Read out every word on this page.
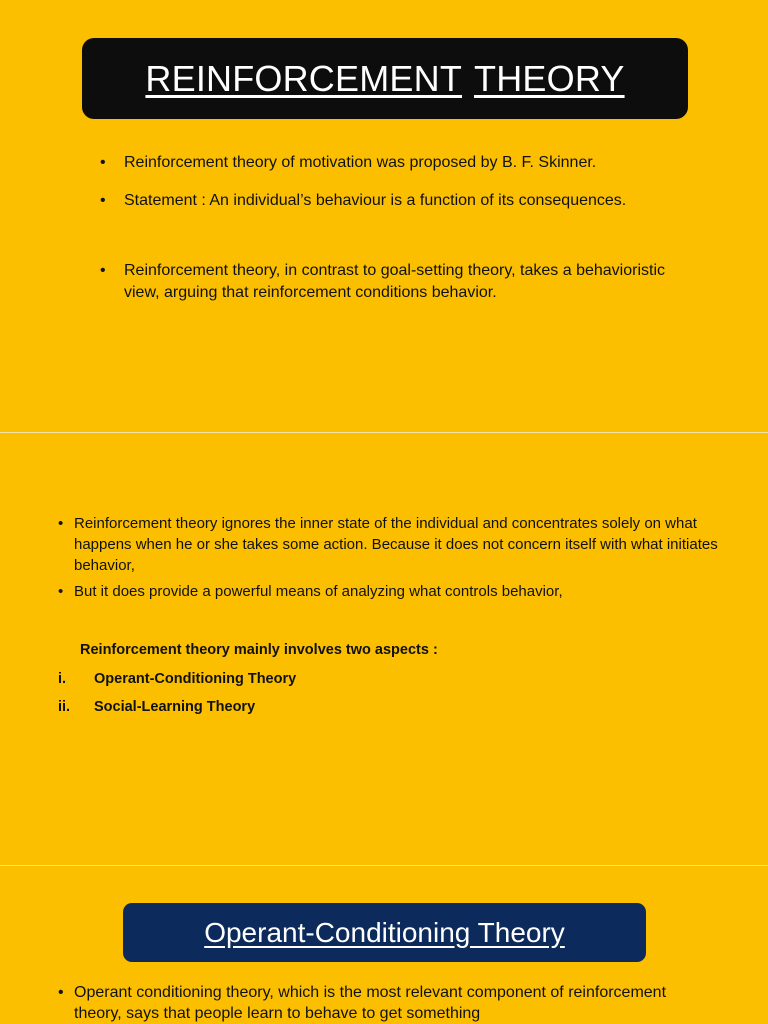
REINFORCEMENT THEORY
• Reinforcement theory of motivation was proposed by B. F. Skinner.
• Statement : An individual’s behaviour is a function of its consequences.
• Reinforcement theory, in contrast to goal-setting theory, takes a behavioristic view, arguing that reinforcement conditions behavior.
• Reinforcement theory ignores the inner state of the individual and concentrates solely on what happens when he or she takes some action. Because it does not concern itself with what initiates behavior,
• But it does provide a powerful means of analyzing what controls behavior,
Reinforcement theory mainly involves two aspects :
i. Operant-Conditioning Theory
ii. Social-Learning Theory
Operant-Conditioning Theory
• Operant conditioning theory, which is the most relevant component of reinforcement theory, says that people learn to behave to get something
